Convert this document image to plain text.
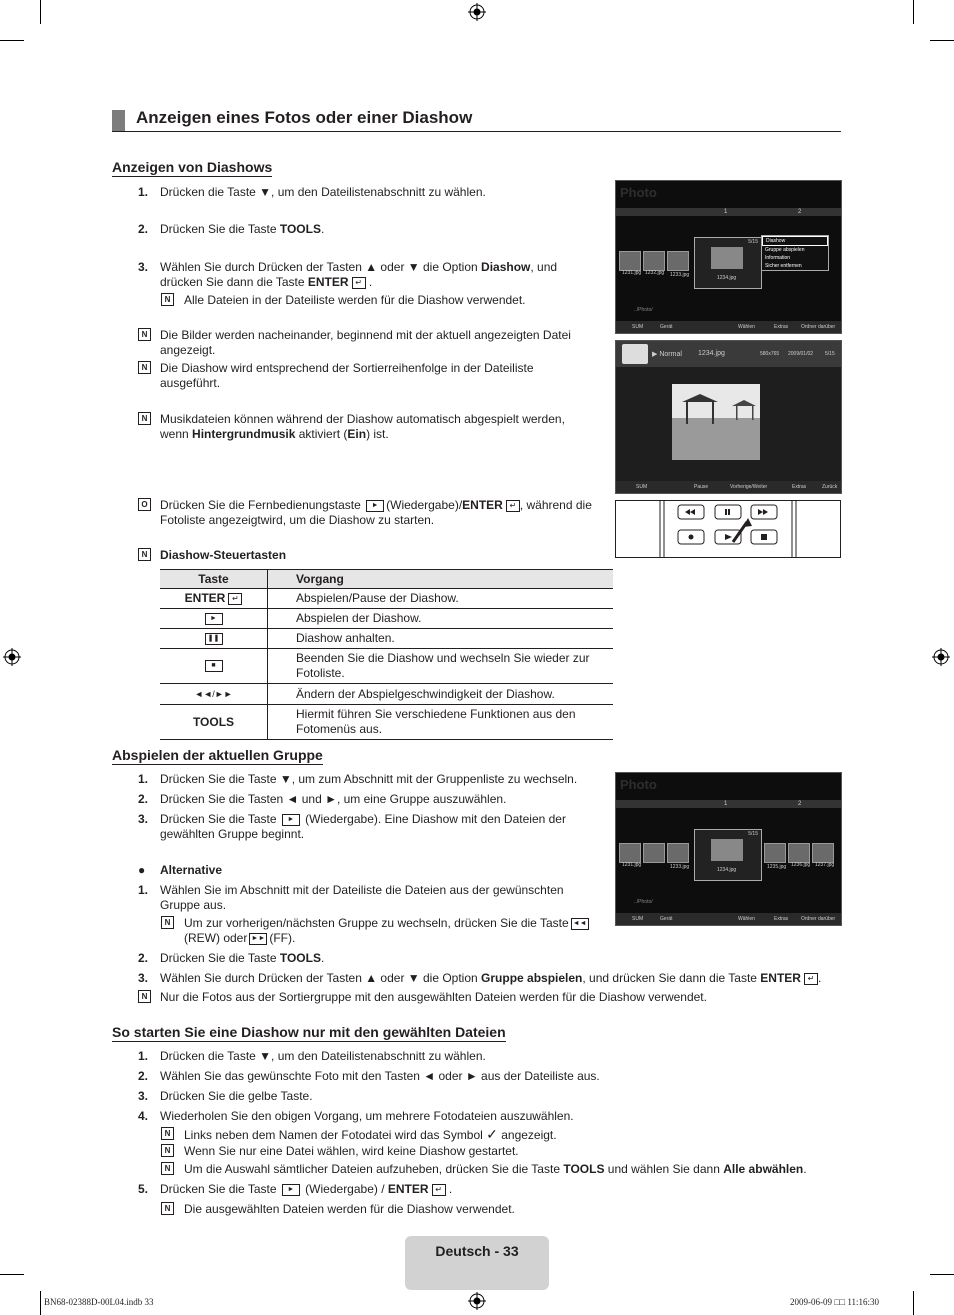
Anzeigen eines Fotos oder einer Diashow
Anzeigen von Diashows
1. Drücken die Taste ▼, um den Dateilistenabschnitt zu wählen.
2. Drücken Sie die Taste TOOLS.
3. Wählen Sie durch Drücken der Tasten ▲ oder ▼ die Option Diashow, und
drücken Sie dann die Taste ENTER ↵ .
N	Alle Dateien in der Dateiliste werden für die Diashow verwendet.
N	Die Bilder werden nacheinander, beginnend mit der aktuell angezeigten Datei
angezeigt.
N	Die Diashow wird entsprechend der Sortierreihenfolge in der Dateiliste
ausgeführt.
N	Musikdateien können während der Diashow automatisch abgespielt werden,
wenn Hintergrundmusik aktiviert (Ein) ist.
O Drücken Sie die Fernbedienungstaste ► (Wiedergabe)/ENTER ↵ , während die
Fotoliste angezeigtwird, um die Diashow zu starten.
N	Diashow-Steuertasten
Taste	Vorgang
ENTER ↵	Abspielen/Pause der Diashow.
►	Abspielen der Diashow.
❚❚	Diashow anhalten.
■	Beenden Sie die Diashow und wechseln Sie wieder zur Fotoliste.
◄◄/►►	Ändern der Abspielgeschwindigkeit der Diashow.
TOOLS	Hiermit führen Sie verschiedene Funktionen aus den Fotomenüs aus.
Photo
1	2
1231.jpg 1232.jpg 1233.jpg
5/15
1234.jpg
Diashow
Gruppe abspielen
Information
Sicher entfernen
../Photo/
SUM	Gerät	Wählen	Extras	Ordner darüber
▶ Normal 1234.jpg	580x765 2009/01/02 5/15
SUM	Pause	Vorherige/Weiter	Extras	Zurück
Abspielen der aktuellen Gruppe
1. Drücken Sie die Taste ▼, um zum Abschnitt mit der Gruppenliste zu wechseln.
2. Drücken Sie die Tasten ◄ und ►, um eine Gruppe auszuwählen.
3. Drücken Sie die Taste ► (Wiedergabe). Eine Diashow mit den Dateien der
gewählten Gruppe beginnt.
● Alternative
1. Wählen Sie im Abschnitt mit der Dateiliste die Dateien aus der gewünschten
Gruppe aus.
N	Um zur vorherigen/nächsten Gruppe zu wechseln, drücken Sie die Taste ◄◄
(REW) oder ►► (FF).
2. Drücken Sie die Taste TOOLS.
3. Wählen Sie durch Drücken der Tasten ▲ oder ▼ die Option Gruppe abspielen, und drücken Sie dann die Taste ENTER ↵ .
N	Nur die Fotos aus der Sortiergruppe mit den ausgewählten Dateien werden für die Diashow verwendet.
Photo
1	2
1231.jpg	1233.jpg	1235.jpg 1236.jpg 1237.jpg
5/15
1234.jpg
../Photo/
SUM	Gerät	Wählen	Extras	Ordner darüber
So starten Sie eine Diashow nur mit den gewählten Dateien
1. Drücken die Taste ▼, um den Dateilistenabschnitt zu wählen.
2. Wählen Sie das gewünschte Foto mit den Tasten ◄ oder ► aus der Dateiliste aus.
3. Drücken Sie die gelbe Taste.
4. Wiederholen Sie den obigen Vorgang, um mehrere Fotodateien auszuwählen.
N	Links neben dem Namen der Fotodatei wird das Symbol ✓ angezeigt.
N	Wenn Sie nur eine Datei wählen, wird keine Diashow gestartet.
N	Um die Auswahl sämtlicher Dateien aufzuheben, drücken Sie die Taste TOOLS und wählen Sie dann Alle abwählen.
5. Drücken Sie die Taste ► (Wiedergabe) / ENTER ↵ .
N	Die ausgewählten Dateien werden für die Diashow verwendet.
Deutsch - 33
BN68-02388D-00L04.indb 33	2009-06-09 □□ 11:16:30
